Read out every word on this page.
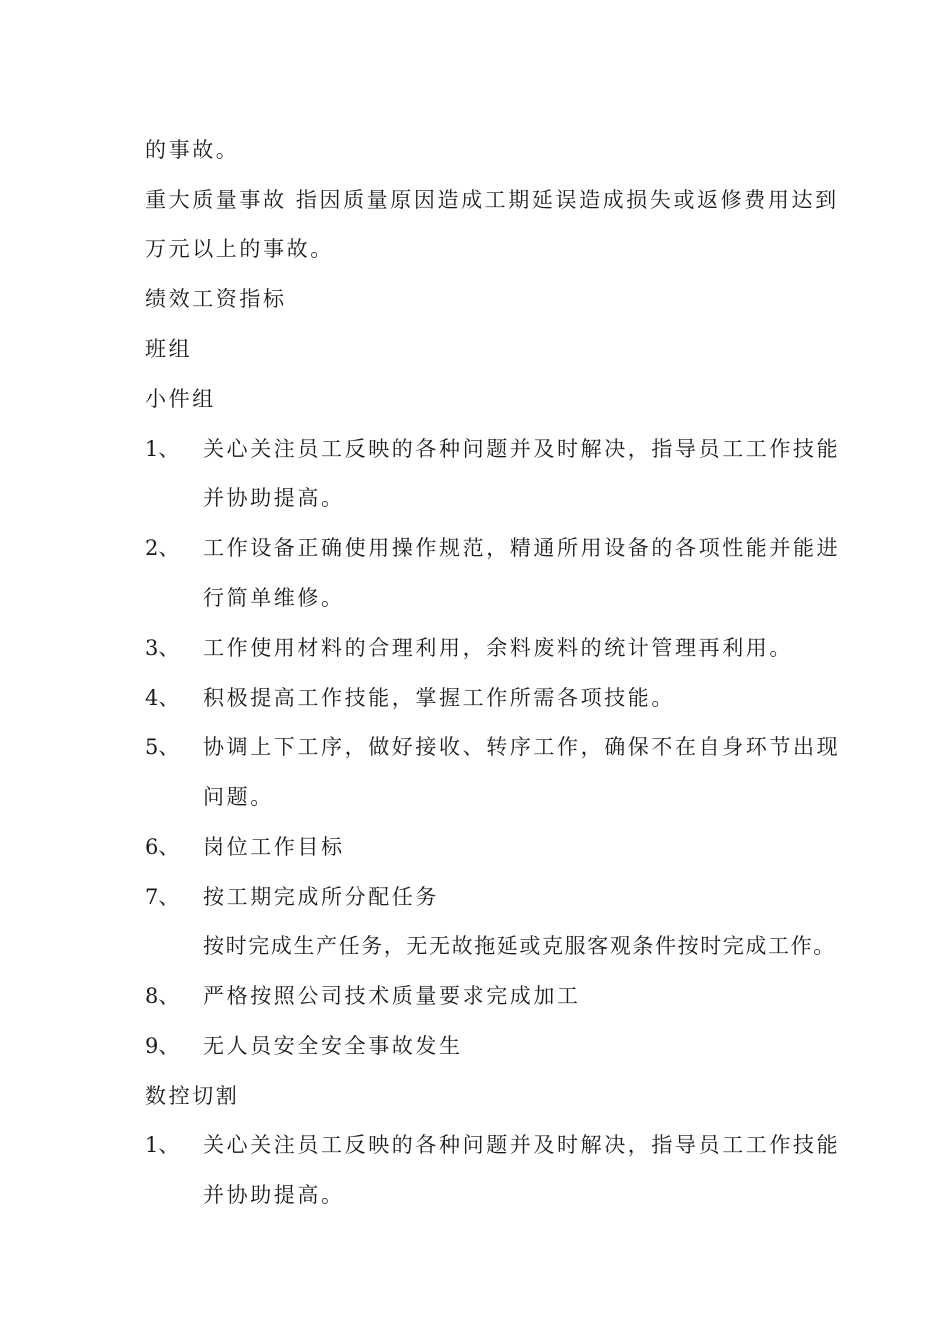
的事故。
重大质量事故 指因质量原因造成工期延误造成损失或返修费用达到
万元以上的事故。
绩效工资指标
班组
小件组
1、 关心关注员工反映的各种问题并及时解决，指导员工工作技能
并协助提高。
2、 工作设备正确使用操作规范，精通所用设备的各项性能并能进
行简单维修。
3、 工作使用材料的合理利用，余料废料的统计管理再利用。
4、 积极提高工作技能，掌握工作所需各项技能。
5、 协调上下工序，做好接收、转序工作，确保不在自身环节出现
问题。
6、 岗位工作目标
7、 按工期完成所分配任务
按时完成生产任务，无无故拖延或克服客观条件按时完成工作。
8、 严格按照公司技术质量要求完成加工
9、 无人员安全安全事故发生
数控切割
1、 关心关注员工反映的各种问题并及时解决，指导员工工作技能
并协助提高。
